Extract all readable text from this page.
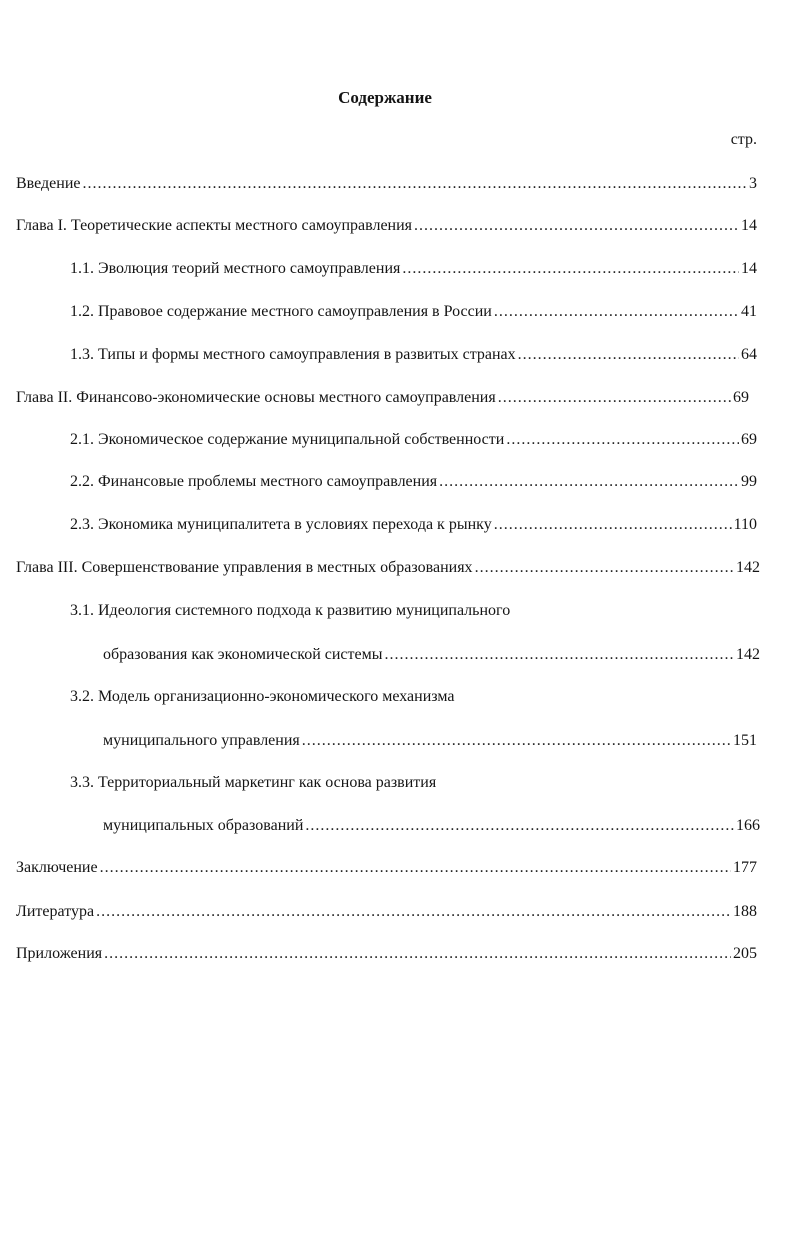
Содержание
стр.
Введение .....	3
Глава I. Теоретические аспекты местного самоуправления .....	14
1.1. Эволюция теорий местного самоуправления .....	14
1.2. Правовое содержание местного самоуправления в России .....	41
1.3. Типы и формы местного самоуправления в развитых странах .....	64
Глава II. Финансово-экономические основы местного самоуправления .....	69
2.1. Экономическое содержание муниципальной собственности .....	69
2.2. Финансовые проблемы местного самоуправления .....	99
2.3. Экономика муниципалитета в условиях перехода к рынку .....	110
Глава III. Совершенствование управления в местных образованиях .....	142
3.1. Идеология системного подхода к развитию муниципального
образования как экономической системы .....	142
3.2. Модель организационно-экономического механизма
муниципального управления .....	151
3.3. Территориальный маркетинг как основа развития
муниципальных образований .....	166
Заключение .....	177
Литература .....	188
Приложения .....	205
